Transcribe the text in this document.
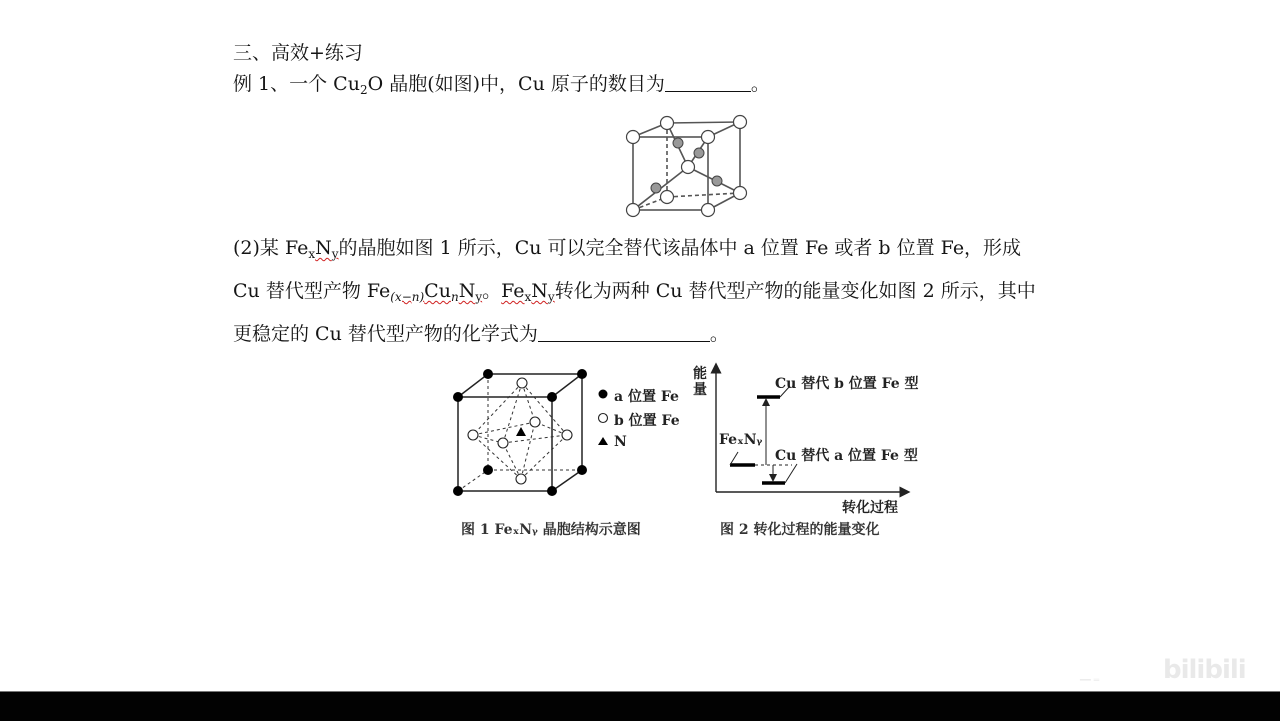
三、高效+练习
例 1、一个 $Cu_2O$ 晶胞(如图)中，Cu 原子的数目为	。
(2)某 $Fe_xN_y$的晶胞如图 1 所示，Cu 可以完全替代该晶体中 a 位置 Fe 或者 b 位置 Fe，形成
Cu 替代型产物 $Fe_{(x-n)}Cu_nN_y$。$Fe_xN_y$转化为两种 Cu 替代型产物的能量变化如图 2 所示，其中
更稳定的 Cu 替代型产物的化学式为	。
a 位置 Fe
b 位置 Fe
N
图 1 FeₓNᵧ 晶胞结构示意图
能
量	Cu 替代 b 位置 Fe 型
Cu 替代 a 位置 Fe 型
FeₓNᵧ
转化过程
图 2 转化过程的能量变化
━━ ═ bilibili
